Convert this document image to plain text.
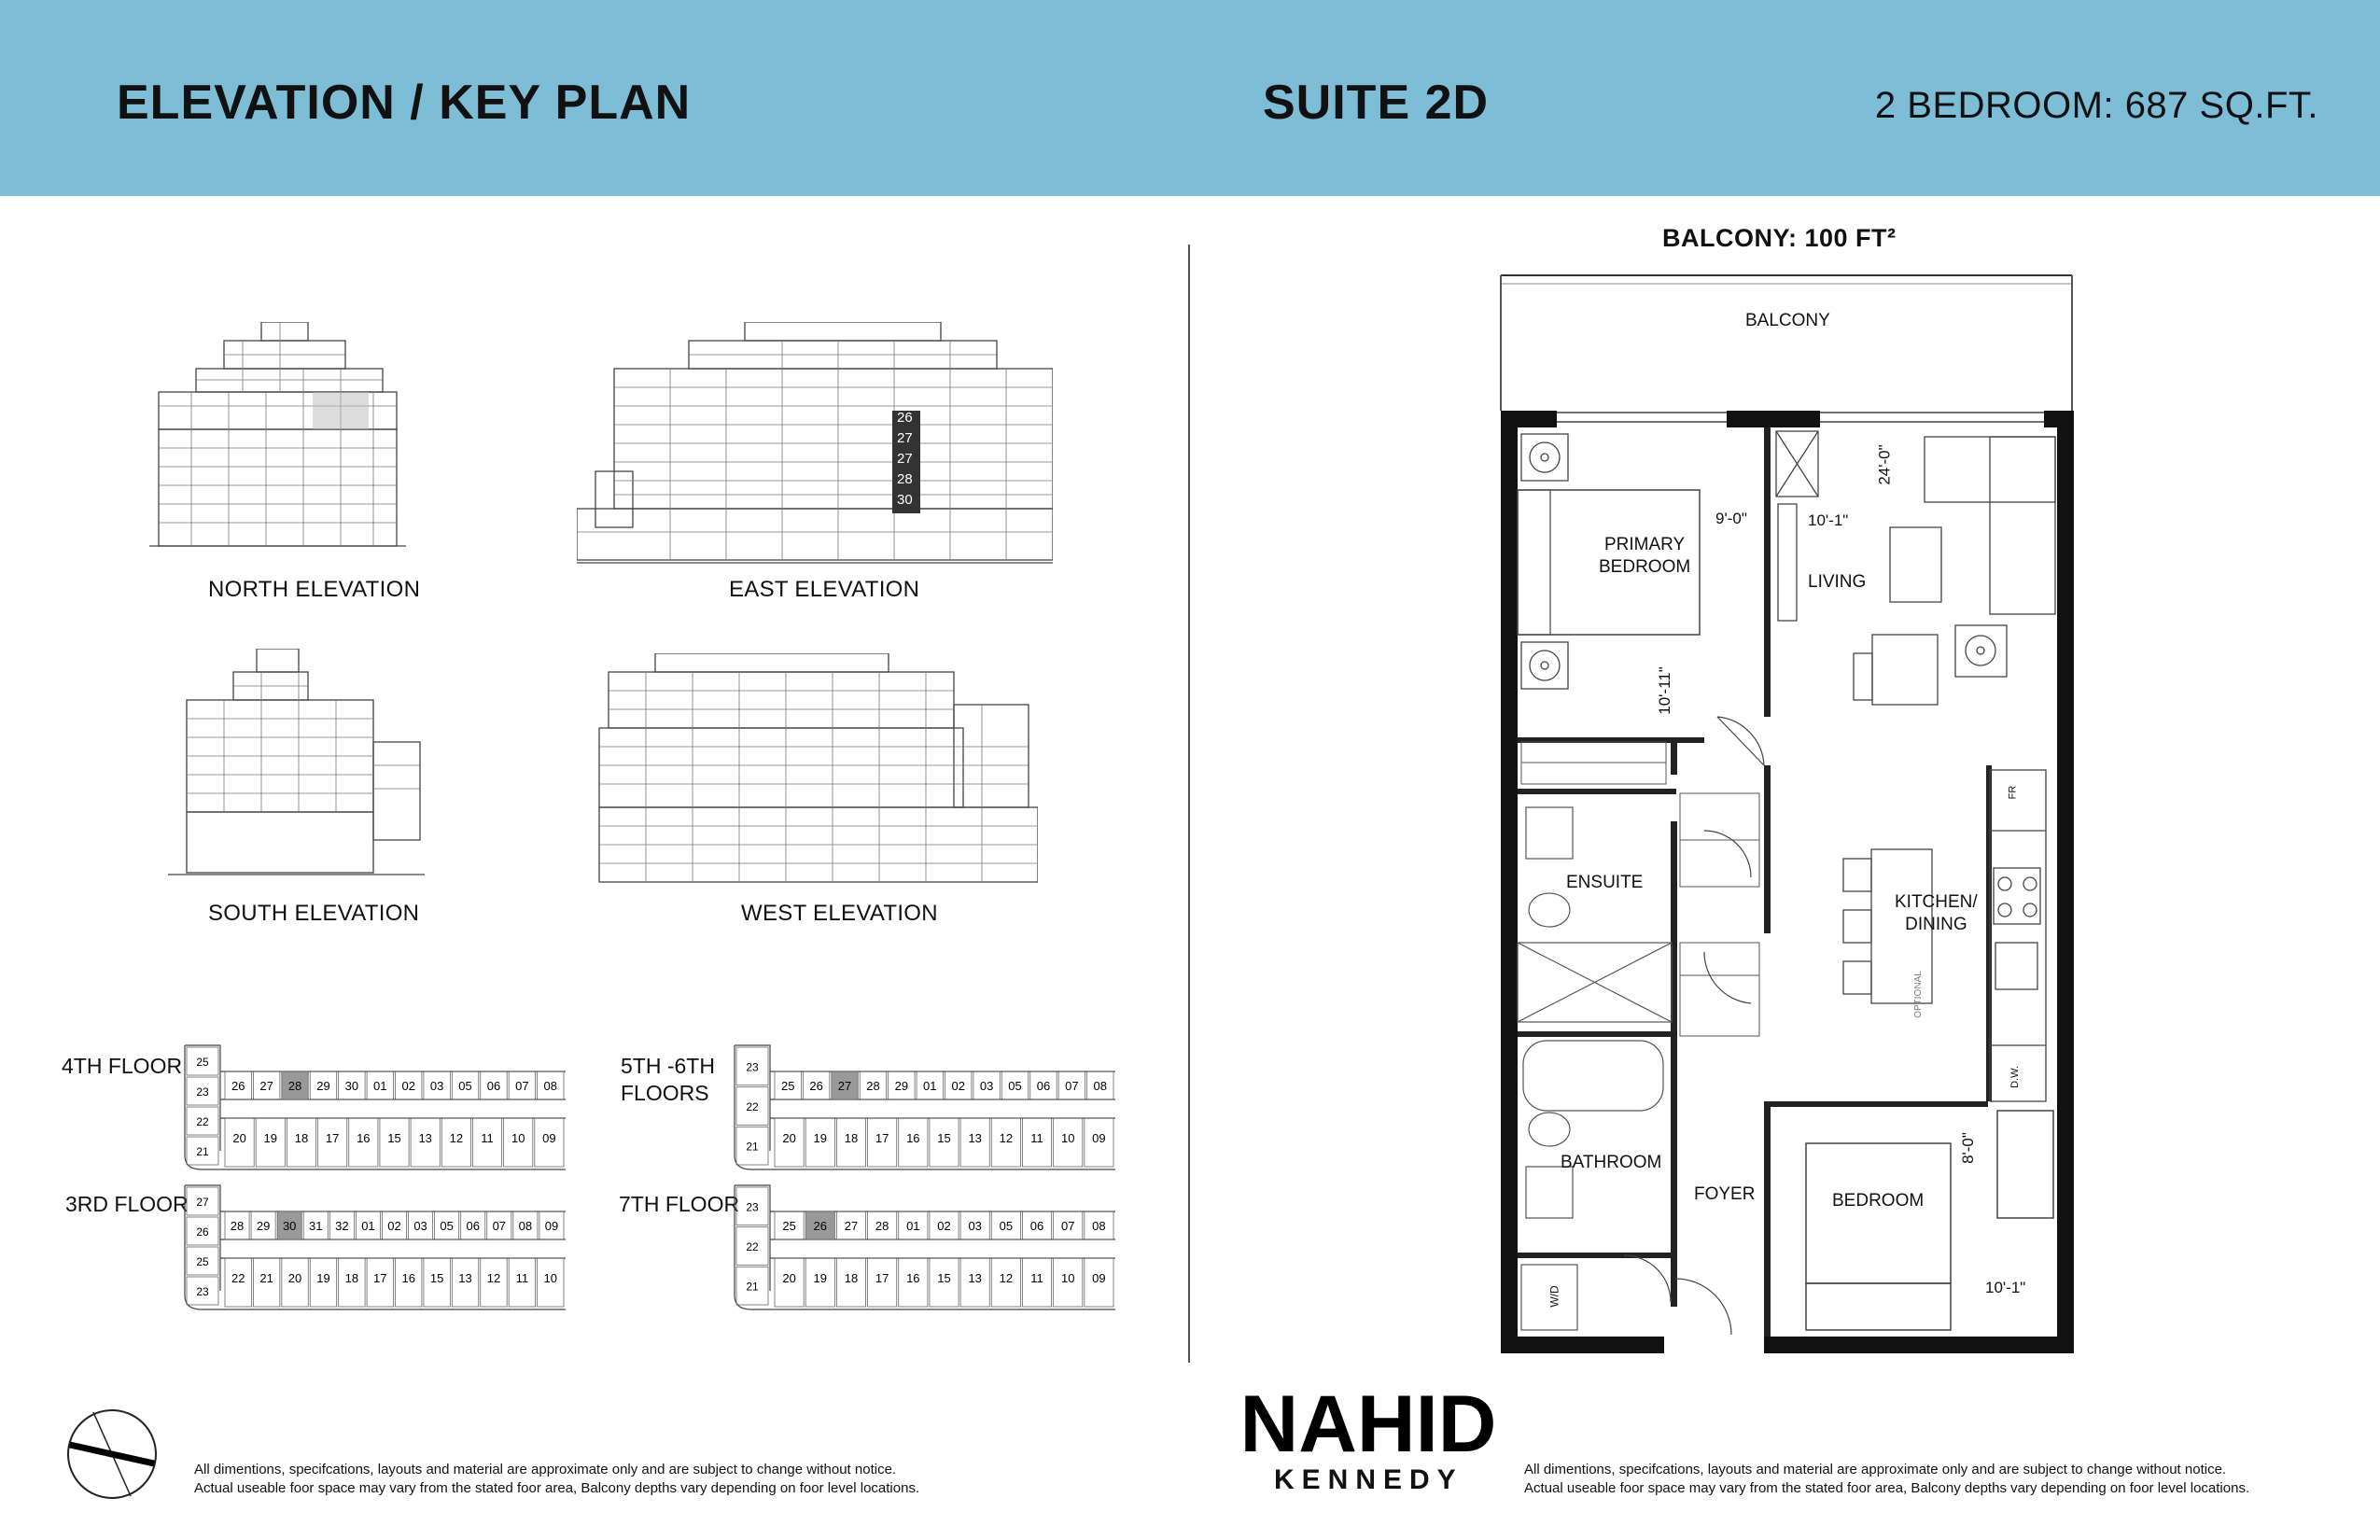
ELEVATION / KEY PLAN	SUITE 2D	2 BEDROOM: 687 SQ.FT.
NORTH ELEVATION
26
27
27
28
30
EAST ELEVATION
SOUTH ELEVATION	WEST ELEVATION
4TH FLOOR
26 27 28 29 30 01 02 03 05 06 07 08
20 19 18 17 16 15 13 12 11 10 09
25
23
22
21
5TH -6TH
FLOORS	25 26 27 28 29 01 02 03 05 06 07 08
20 19 18 17 16 15 13 12 11 10 09
23
22
21
3RD FLOOR
28 29 30 31 32 01 02 03 05 06 07 08 09
22 21 20 19 18 17 16 15 13 12 11 10
27
26
25
23
7TH FLOOR
25 26 27 28 01 02 03 05 06 07 08
20 19 18 17 16 15 13 12 11 10 09
23
22
21
All dimentions, specifcations, layouts and material are approximate only and are subject to change without notice.
Actual useable foor space may vary from the stated foor area, Balcony depths vary depending on foor level locations.
All dimentions, specifcations, layouts and material are approximate only and are subject to change without notice.
Actual useable foor space may vary from the stated foor area, Balcony depths vary depending on foor level locations.
NAHID
KENNEDY
BALCONY: 100 FT²
BALCONY
PRIMARY
BEDROOM
LIVING
ENSUITE
KITCHEN/
DINING
BATHROOM
FOYER	BEDROOM
9'-0"
10'-11"
10'-1"
24'-0"
8'-0"
10'-1"
FR
D.W.
W/D
OPTIONAL
